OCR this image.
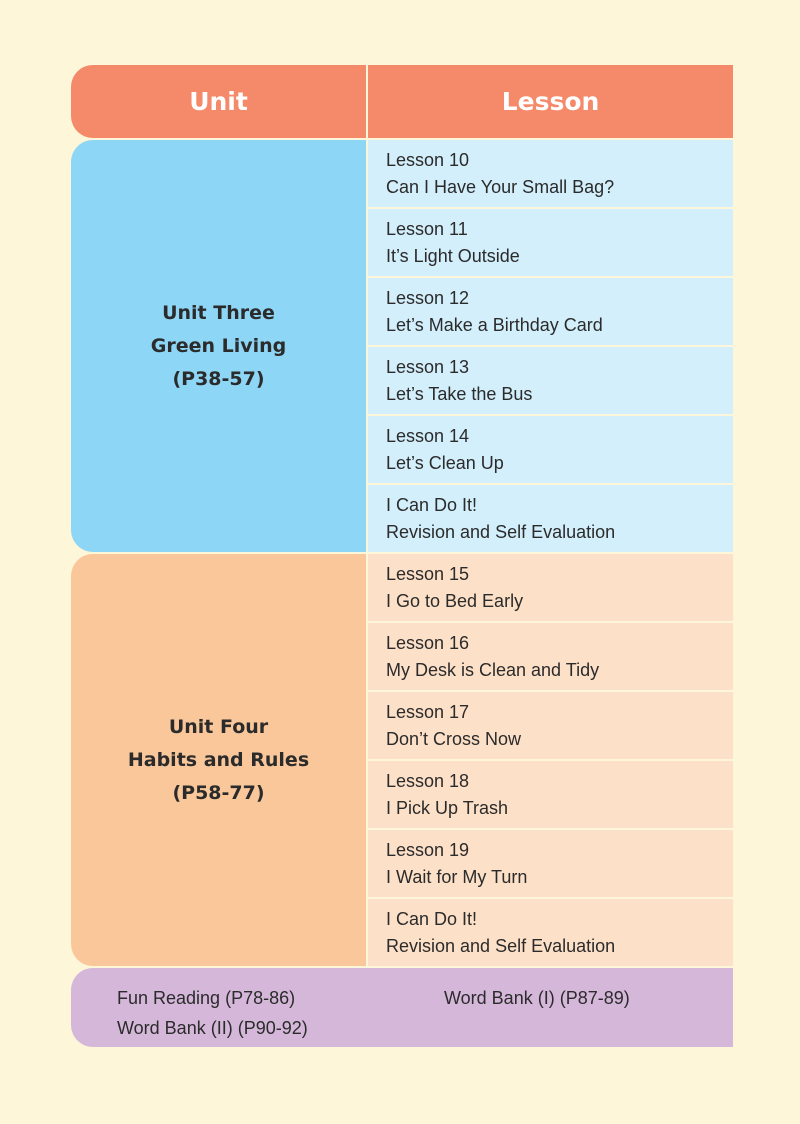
Unit	Lesson
Unit Three
Green Living
(P38-57)
Lesson 10
Can I Have Your Small Bag?
Lesson 11
It’s Light Outside
Lesson 12
Let’s Make a Birthday Card
Lesson 13
Let’s Take the Bus
Lesson 14
Let’s Clean Up
I Can Do It!
Revision and Self Evaluation
Unit Four
Habits and Rules
(P58-77)
Lesson 15
I Go to Bed Early
Lesson 16
My Desk is Clean and Tidy
Lesson 17
Don’t Cross Now
Lesson 18
I Pick Up Trash
Lesson 19
I Wait for My Turn
I Can Do It!
Revision and Self Evaluation
Fun Reading (P78-86)	Word Bank (I) (P87-89)
Word Bank (II) (P90-92)
